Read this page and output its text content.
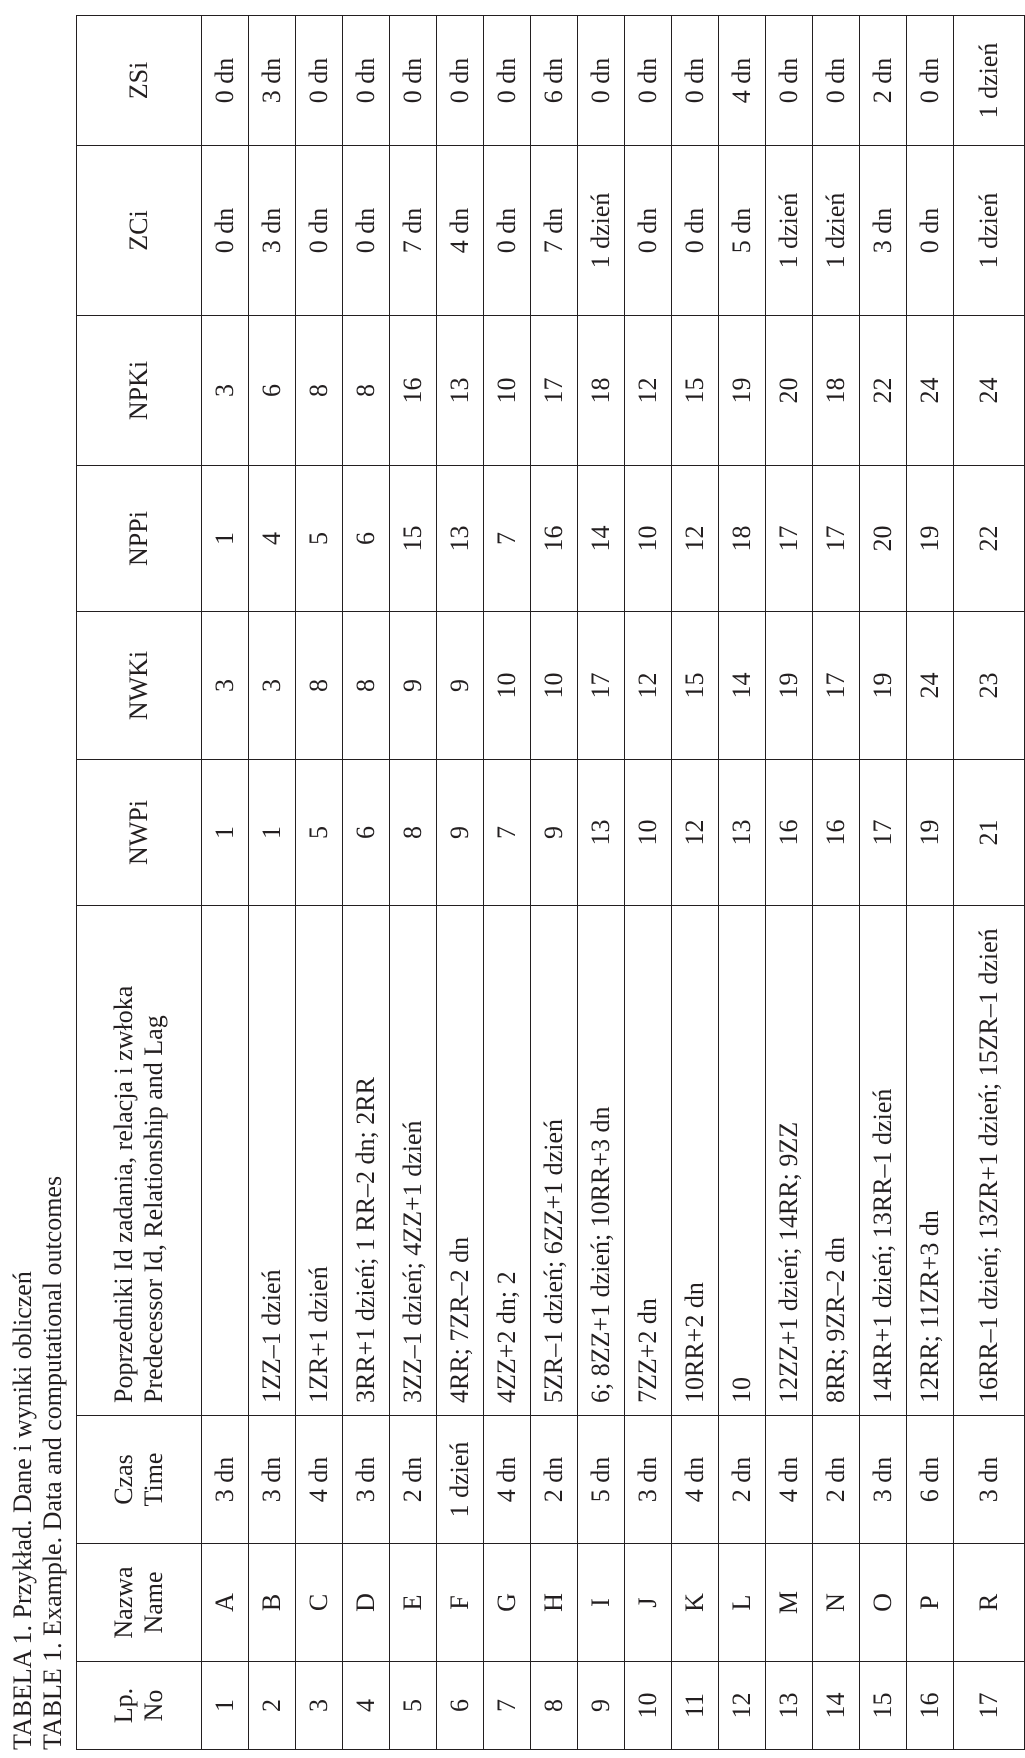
TABELA 1. Przykład. Dane i wyniki obliczeń TABLE 1. Example. Data and computational outcomes Lp. No	Nazwa Name	Czas Time	Poprzedniki Id zadania, relacja i zwłoka Predecessor Id, Relationship and Lag	NWPi	NWKi	NPPi	NPKi	ZCi	ZSi
1	A	3 dn		1	3	1	3	0 dn	0 dn
2	B	3 dn	1ZZ–1 dzień	1	3	4	6	3 dn	3 dn
3	C	4 dn	1ZR+1 dzień	5	8	5	8	0 dn	0 dn
4	D	3 dn	3RR+1 dzień; 1 RR–2 dn; 2RR	6	8	6	8	0 dn	0 dn
5	E	2 dn	3ZZ–1 dzień; 4ZZ+1 dzień	8	9	15	16	7 dn	0 dn
6	F	1 dzień	4RR; 7ZR–2 dn	9	9	13	13	4 dn	0 dn
7	G	4 dn	4ZZ+2 dn; 2	7	10	7	10	0 dn	0 dn
8	H	2 dn	5ZR–1 dzień; 6ZZ+1 dzień	9	10	16	17	7 dn	6 dn
9	I	5 dn	6; 8ZZ+1 dzień; 10RR+3 dn	13	17	14	18	1 dzień	0 dn
10	J	3 dn	7ZZ+2 dn	10	12	10	12	0 dn	0 dn
11	K	4 dn	10RR+2 dn	12	15	12	15	0 dn	0 dn
12	L	2 dn	10	13	14	18	19	5 dn	4 dn
13	M	4 dn	12ZZ+1 dzień; 14RR; 9ZZ	16	19	17	20	1 dzień	0 dn
14	N	2 dn	8RR; 9ZR–2 dn	16	17	17	18	1 dzień	0 dn
15	O	3 dn	14RR+1 dzień; 13RR–1 dzień	17	19	20	22	3 dn	2 dn
16	P	6 dn	12RR; 11ZR+3 dn	19	24	19	24	0 dn	0 dn
17	R	3 dn	16RR–1 dzień; 13ZR+1 dzień; 15ZR–1 dzień	21	23	22	24	1 dzień	1 dzień
